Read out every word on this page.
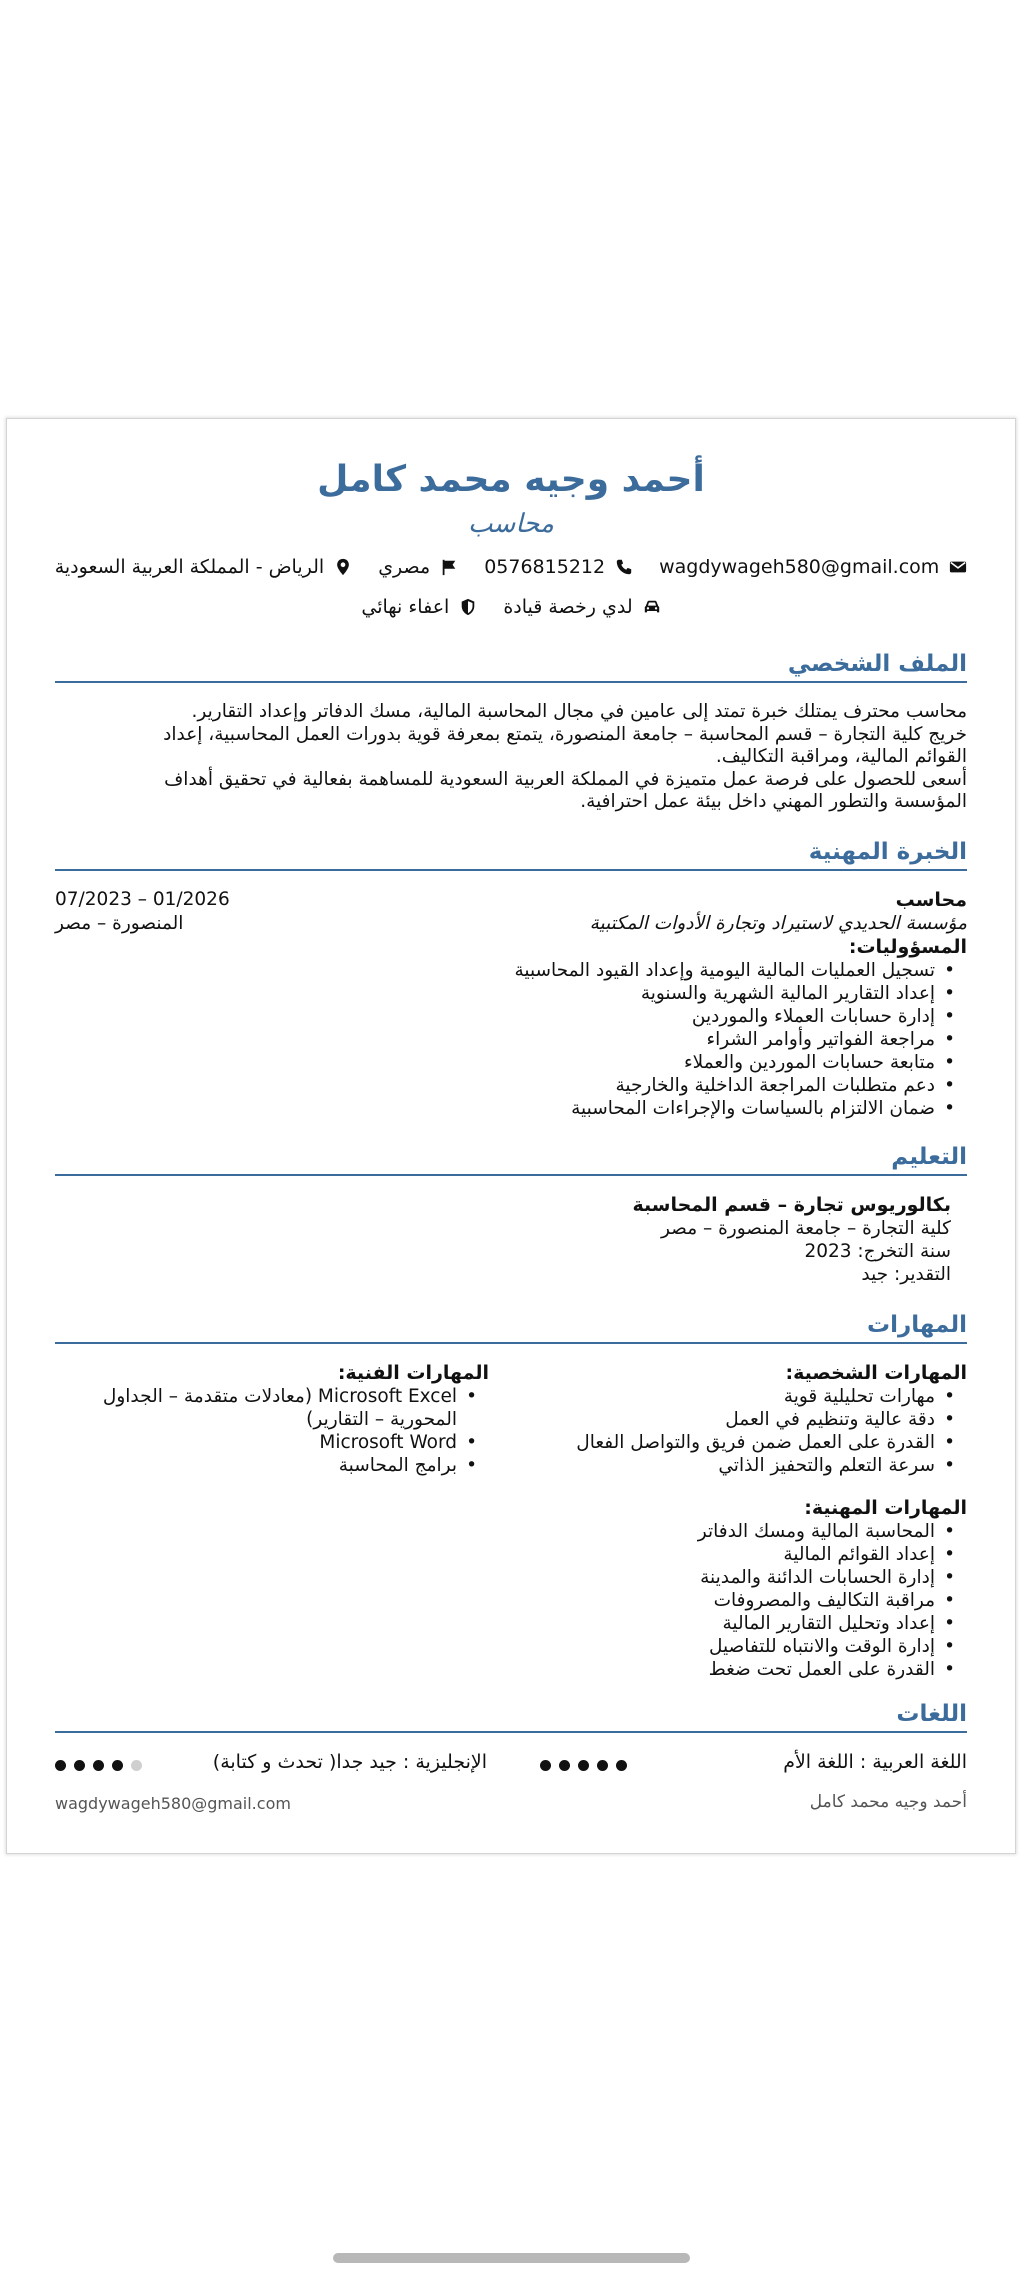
أحمد وجيه محمد كامل
محاسب
wagdywageh580@gmail.com
0576815212
مصري
الرياض - المملكة العربية السعودية
لدي رخصة قيادة
اعفاء نهائي
الملف الشخصي
محاسب محترف يمتلك خبرة تمتد إلى عامين في مجال المحاسبة المالية، مسك الدفاتر وإعداد التقارير.
خريج كلية التجارة – قسم المحاسبة – جامعة المنصورة، يتمتع بمعرفة قوية بدورات العمل المحاسبية، إعداد
القوائم المالية، ومراقبة التكاليف.
أسعى للحصول على فرصة عمل متميزة في المملكة العربية السعودية للمساهمة بفعالية في تحقيق أهداف
المؤسسة والتطور المهني داخل بيئة عمل احترافية.
الخبرة المهنية
محاسب
07/2023 – 01/2026
مؤسسة الحديدي لاستيراد وتجارة الأدوات المكتبية
المنصورة – مصر
المسؤوليات:
• تسجيل العمليات المالية اليومية وإعداد القيود المحاسبية
• إعداد التقارير المالية الشهرية والسنوية
• إدارة حسابات العملاء والموردين
• مراجعة الفواتير وأوامر الشراء
• متابعة حسابات الموردين والعملاء
• دعم متطلبات المراجعة الداخلية والخارجية
• ضمان الالتزام بالسياسات والإجراءات المحاسبية
التعليم
بكالوريوس تجارة – قسم المحاسبة
كلية التجارة – جامعة المنصورة – مصر
سنة التخرج: 2023
التقدير: جيد
المهارات
المهارات الشخصية:
• مهارات تحليلية قوية
• دقة عالية وتنظيم في العمل
• القدرة على العمل ضمن فريق والتواصل الفعال
• سرعة التعلم والتحفيز الذاتي
المهارات الفنية:
• Microsoft Excel (معادلات متقدمة – الجداول المحورية – التقارير)
• Microsoft Word
• برامج المحاسبة
المهارات المهنية:
• المحاسبة المالية ومسك الدفاتر
• إعداد القوائم المالية
• إدارة الحسابات الدائنة والمدينة
• مراقبة التكاليف والمصروفات
• إعداد وتحليل التقارير المالية
• إدارة الوقت والانتباه للتفاصيل
• القدرة على العمل تحت ضغط
اللغات
اللغة العربية : اللغة الأم
الإنجليزية : جيد جدا( تحدث و كتابة)
أحمد وجيه محمد كامل
wagdywageh580@gmail.com
